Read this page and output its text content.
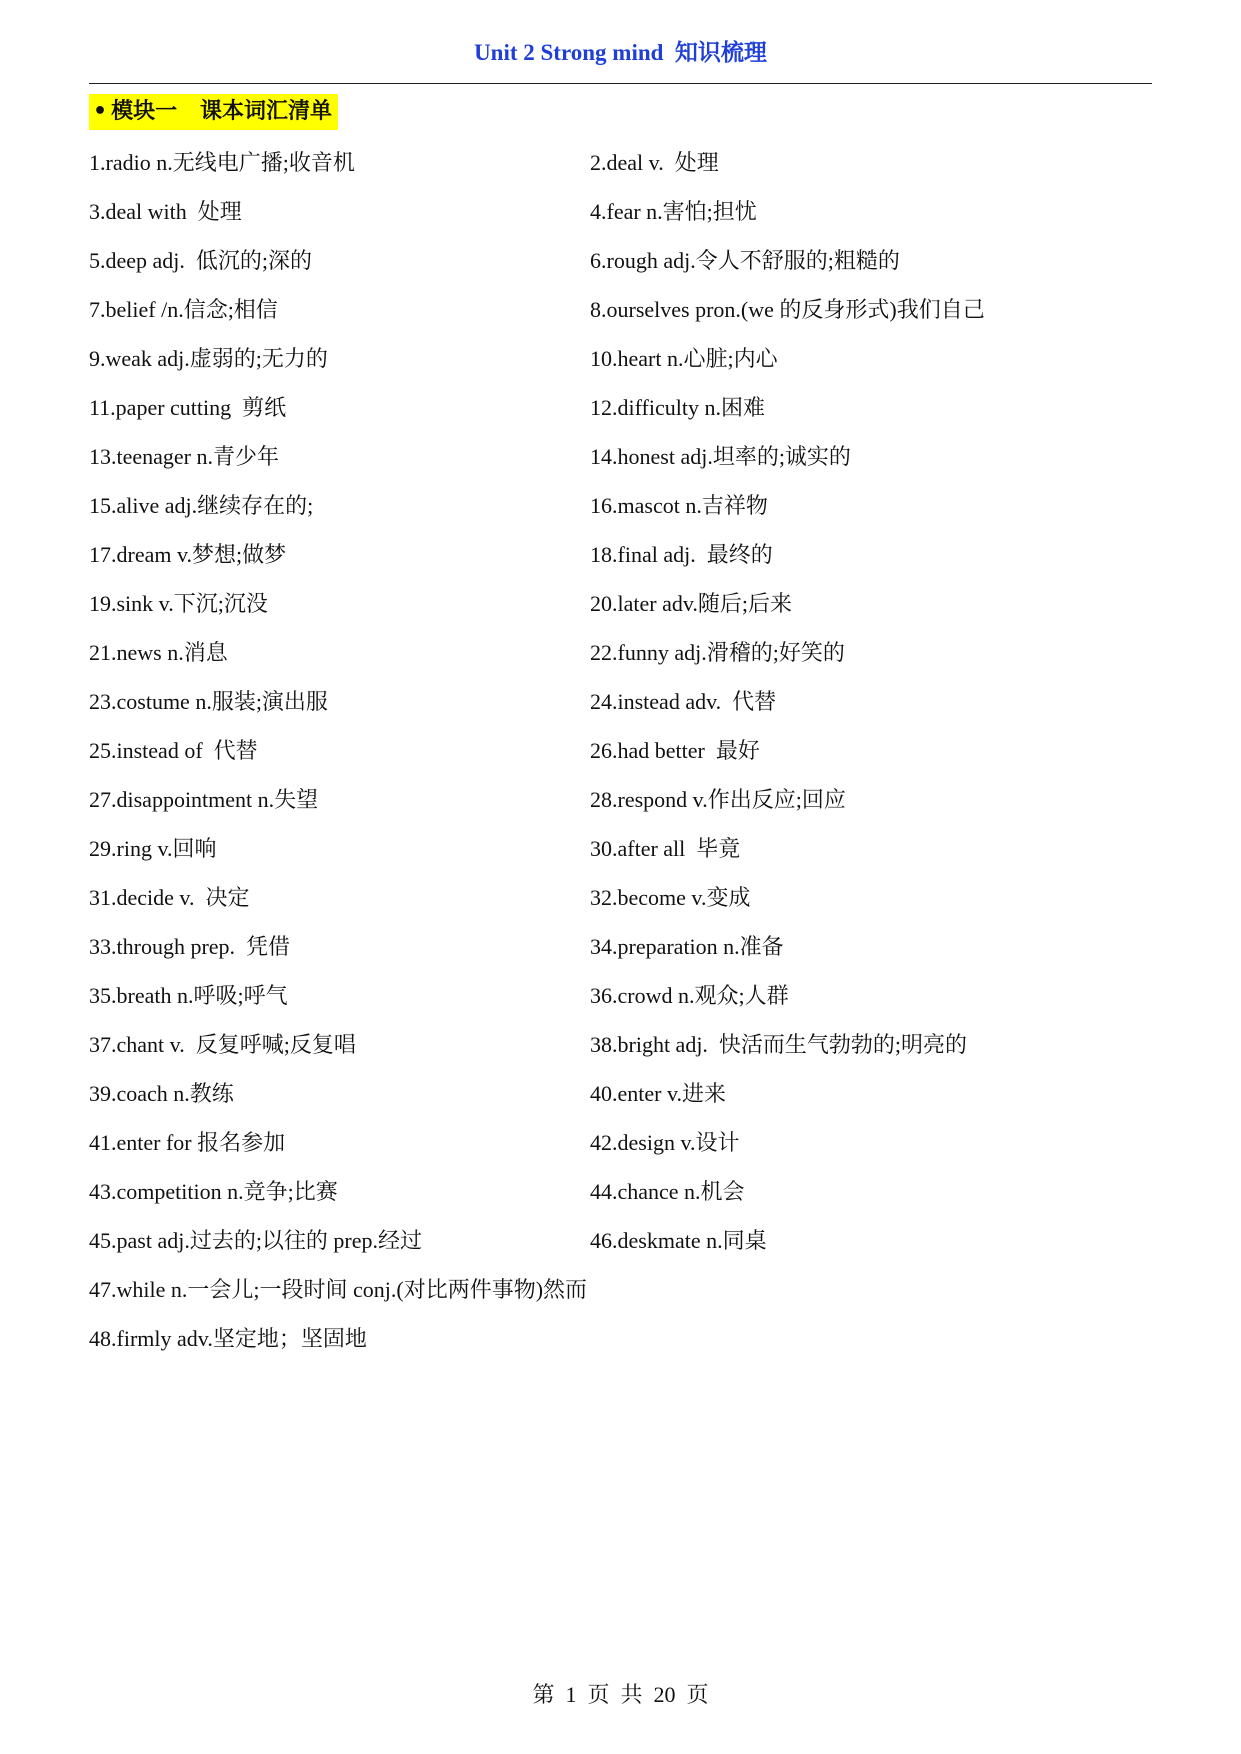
Unit 2 Strong mind  知识梳理
• 模块一   课本词汇清单
1.radio n.无线电广播;收音机	2.deal v.  处理
3.deal with  处理	4.fear n.害怕;担忧
5.deep adj.  低沉的;深的	6.rough adj.令人不舒服的;粗糙的
7.belief /n.信念;相信	8.ourselves pron.(we 的反身形式)我们自己
9.weak adj.虚弱的;无力的	10.heart n.心脏;内心
11.paper cutting  剪纸	12.difficulty n.困难
13.teenager n.青少年	14.honest adj.坦率的;诚实的
15.alive adj.继续存在的;	16.mascot n.吉祥物
17.dream v.梦想;做梦	18.final adj.  最终的
19.sink v.下沉;沉没	20.later adv.随后;后来
21.news n.消息	22.funny adj.滑稽的;好笑的
23.costume n.服装;演出服	24.instead adv.  代替
25.instead of  代替	26.had better  最好
27.disappointment n.失望	28.respond v.作出反应;回应
29.ring v.回响	30.after all  毕竟
31.decide v.  决定	32.become v.变成
33.through prep.  凭借	34.preparation n.准备
35.breath n.呼吸;呼气	36.crowd n.观众;人群
37.chant v.  反复呼喊;反复唱	38.bright adj.  快活而生气勃勃的;明亮的
39.coach n.教练	40.enter v.进来
41.enter for 报名参加	42.design v.设计
43.competition n.竞争;比赛	44.chance n.机会
45.past adj.过去的;以往的 prep.经过	46.deskmate n.同桌
47.while n.一会儿;一段时间 conj.(对比两件事物)然而
48.firmly adv.坚定地；坚固地
第  1  页  共  20  页
